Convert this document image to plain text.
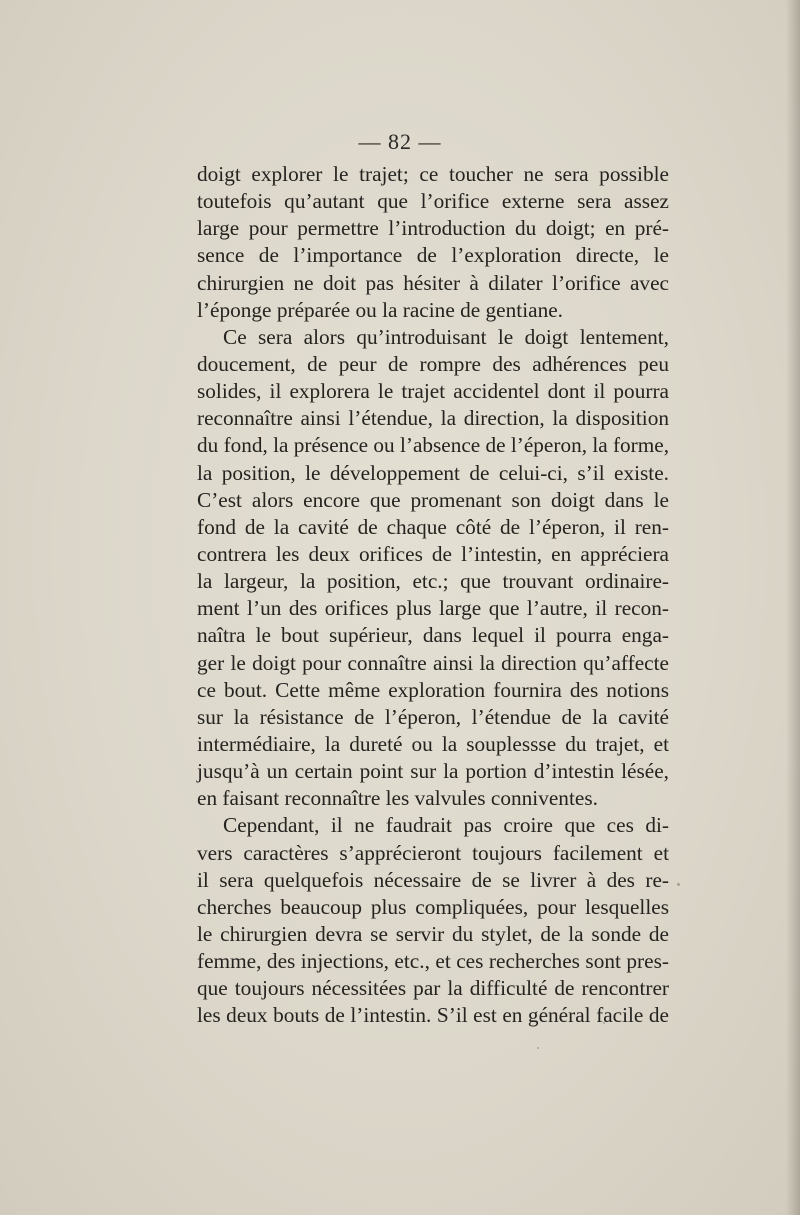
— 82 —
doigt explorer le trajet; ce toucher ne sera possible
toutefois qu’autant que l’orifice externe sera assez
large pour permettre l’introduction du doigt; en pré-
sence de l’importance de l’exploration directe, le
chirurgien ne doit pas hésiter à dilater l’orifice avec
l’éponge préparée ou la racine de gentiane.
Ce sera alors qu’introduisant le doigt lentement,
doucement, de peur de rompre des adhérences peu
solides, il explorera le trajet accidentel dont il pourra
reconnaître ainsi l’étendue, la direction, la disposition
du fond, la présence ou l’absence de l’éperon, la forme,
la position, le développement de celui-ci, s’il existe.
C’est alors encore que promenant son doigt dans le
fond de la cavité de chaque côté de l’éperon, il ren-
contrera les deux orifices de l’intestin, en appréciera
la largeur, la position, etc.; que trouvant ordinaire-
ment l’un des orifices plus large que l’autre, il recon-
naîtra le bout supérieur, dans lequel il pourra enga-
ger le doigt pour connaître ainsi la direction qu’affecte
ce bout. Cette même exploration fournira des notions
sur la résistance de l’éperon, l’étendue de la cavité
intermédiaire, la dureté ou la souplessse du trajet, et
jusqu’à un certain point sur la portion d’intestin lésée,
en faisant reconnaître les valvules conniventes.
Cependant, il ne faudrait pas croire que ces di-
vers caractères s’apprécieront toujours facilement et
il sera quelquefois nécessaire de se livrer à des re-
cherches beaucoup plus compliquées, pour lesquelles
le chirurgien devra se servir du stylet, de la sonde de
femme, des injections, etc., et ces recherches sont pres-
que toujours nécessitées par la difficulté de rencontrer
les deux bouts de l’intestin. S’il est en général facile de
